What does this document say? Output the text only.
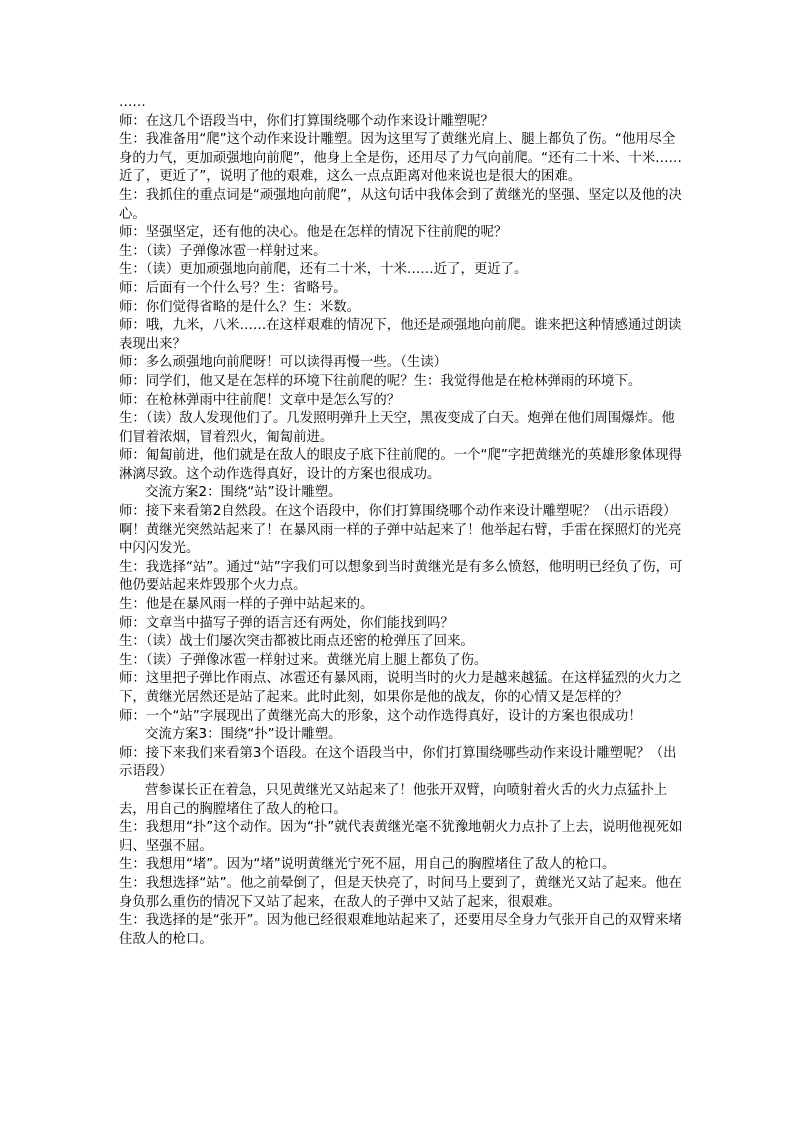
……

师：在这几个语段当中，你们打算围绕哪个动作来设计雕塑呢？

生：我准备用“爬”这个动作来设计雕塑。因为这里写了黄继光肩上、腿上都负了伤。“他用尽全身的力气，更加顽强地向前爬”，他身上全是伤，还用尽了力气向前爬。“还有二十米、十米……近了，更近了”，说明了他的艰难，这么一点点距离对他来说也是很大的困难。

生：我抓住的重点词是“顽强地向前爬”，从这句话中我体会到了黄继光的坚强、坚定以及他的决心。

师：坚强坚定，还有他的决心。他是在怎样的情况下往前爬的呢？

生：（读）子弹像冰雹一样射过来。

生：（读）更加顽强地向前爬，还有二十米，十米……近了，更近了。

师：后面有一个什么号？生：省略号。

师：你们觉得省略的是什么？生：米数。

师：哦，九米，八米……在这样艰难的情况下，他还是顽强地向前爬。谁来把这种情感通过朗读表现出来？

师：多么顽强地向前爬呀！可以读得再慢一些。（生读）

师：同学们，他又是在怎样的环境下往前爬的呢？生：我觉得他是在枪林弹雨的环境下。

师：在枪林弹雨中往前爬！文章中是怎么写的？

生：（读）敌人发现他们了。几发照明弹升上天空，黑夜变成了白天。炮弹在他们周围爆炸。他们冒着浓烟，冒着烈火，匍匐前进。

师：匍匐前进，他们就是在敌人的眼皮子底下往前爬的。一个“爬”字把黄继光的英雄形象体现得淋漓尽致。这个动作选得真好，设计的方案也很成功。

交流方案2：围绕“站”设计雕塑。

师：接下来看第2自然段。在这个语段中，你们打算围绕哪个动作来设计雕塑呢？（出示语段）

啊！黄继光突然站起来了！在暴风雨一样的子弹中站起来了！他举起右臂，手雷在探照灯的光亮中闪闪发光。

生：我选择“站”。通过“站”字我们可以想象到当时黄继光是有多么愤怒，他明明已经负了伤，可他仍要站起来炸毁那个火力点。

生：他是在暴风雨一样的子弹中站起来的。

师：文章当中描写子弹的语言还有两处，你们能找到吗？

生：（读）战士们屡次突击都被比雨点还密的枪弹压了回来。

生：（读）子弹像冰雹一样射过来。黄继光肩上腿上都负了伤。

师：这里把子弹比作雨点、冰雹还有暴风雨，说明当时的火力是越来越猛。在这样猛烈的火力之下，黄继光居然还是站了起来。此时此刻，如果你是他的战友，你的心情又是怎样的？

师：一个“站”字展现出了黄继光高大的形象，这个动作选得真好，设计的方案也很成功！

交流方案3：围绕“扑”设计雕塑。

师：接下来我们来看第3个语段。在这个语段当中，你们打算围绕哪些动作来设计雕塑呢？（出示语段）

营参谋长正在着急，只见黄继光又站起来了！他张开双臂，向喷射着火舌的火力点猛扑上去，用自己的胸膛堵住了敌人的枪口。

生：我想用“扑”这个动作。因为“扑”就代表黄继光毫不犹豫地朝火力点扑了上去，说明他视死如归、坚强不屈。

生：我想用“堵”。因为“堵”说明黄继光宁死不屈，用自己的胸膛堵住了敌人的枪口。

生：我想选择“站”。他之前晕倒了，但是天快亮了，时间马上要到了，黄继光又站了起来。他在身负那么重伤的情况下又站了起来，在敌人的子弹中又站了起来，很艰难。

生：我选择的是“张开”。因为他已经很艰难地站起来了，还要用尽全身力气张开自己的双臂来堵住敌人的枪口。
